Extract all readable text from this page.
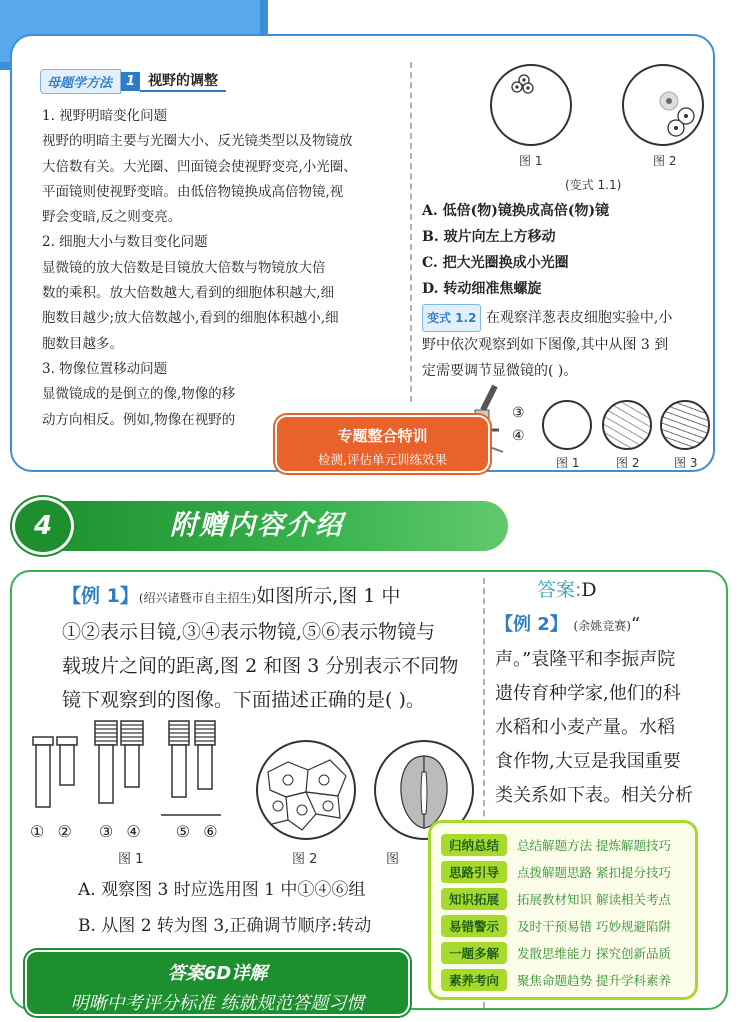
母题学方法	1 视野的调整

1. 视野明暗变化问题

视野的明暗主要与光圈大小、反光镜类型以及物镜放

大倍数有关。大光圈、凹面镜会使视野变亮,小光圈、

平面镜则使视野变暗。由低倍物镜换成高倍物镜,视

野会变暗,反之则变亮。

2. 细胞大小与数目变化问题

显微镜的放大倍数是目镜放大倍数与物镜放大倍

数的乘积。放大倍数越大,看到的细胞体积越大,细

胞数目越少;放大倍数越小,看到的细胞体积越小,细

胞数目越多。

3. 物像位置移动问题

显微镜成的是倒立的像,物像的移

动方向相反。例如,物像在视野的

图 1	图 2
(变式 1.1)
A. 低倍(物)镜换成高倍(物)镜
B. 玻片向左上方移动
C. 把大光圈换成小光圈
D. 转动细准焦螺旋
变式 1.2 在观察洋葱表皮细胞实验中,小
野中依次观察到如下图像,其中从图 3 到
定需要调节显微镜的( )。
③
④
图 1	图 2	图 3
专题整合特训
检测,评估单元训练效果
4	附赠内容介绍
【例 1】(绍兴诸暨市自主招生)如图所示,图 1 中
①②表示目镜,③④表示物镜,⑤⑥表示物镜与
载玻片之间的距离,图 2 和图 3 分别表示不同物
镜下观察到的图像。下面描述正确的是( )。
① ② ③ ④ ⑤ ⑥
图 1	图 2	图
A. 观察图 3 时应选用图 1 中①④⑥组
B. 从图 2 转为图 3,正确调节顺序:转动
答案:D
【例 2】 (余姚竞赛)“
声。”袁隆平和李振声院
遗传育种学家,他们的科
水稻和小麦产量。水稻
食作物,大豆是我国重要
类关系如下表。相关分析
归纳总结	总结解题方法 提炼解题技巧
思路引导	点拨解题思路 紧扣提分技巧
知识拓展	拓展教材知识 解读相关考点
易错警示	及时干预易错 巧妙规避陷阱
一题多解	发散思维能力 探究创新品质
素养考向	聚焦命题趋势 提升学科素养
答案6D详解
明晰中考评分标准 练就规范答题习惯
